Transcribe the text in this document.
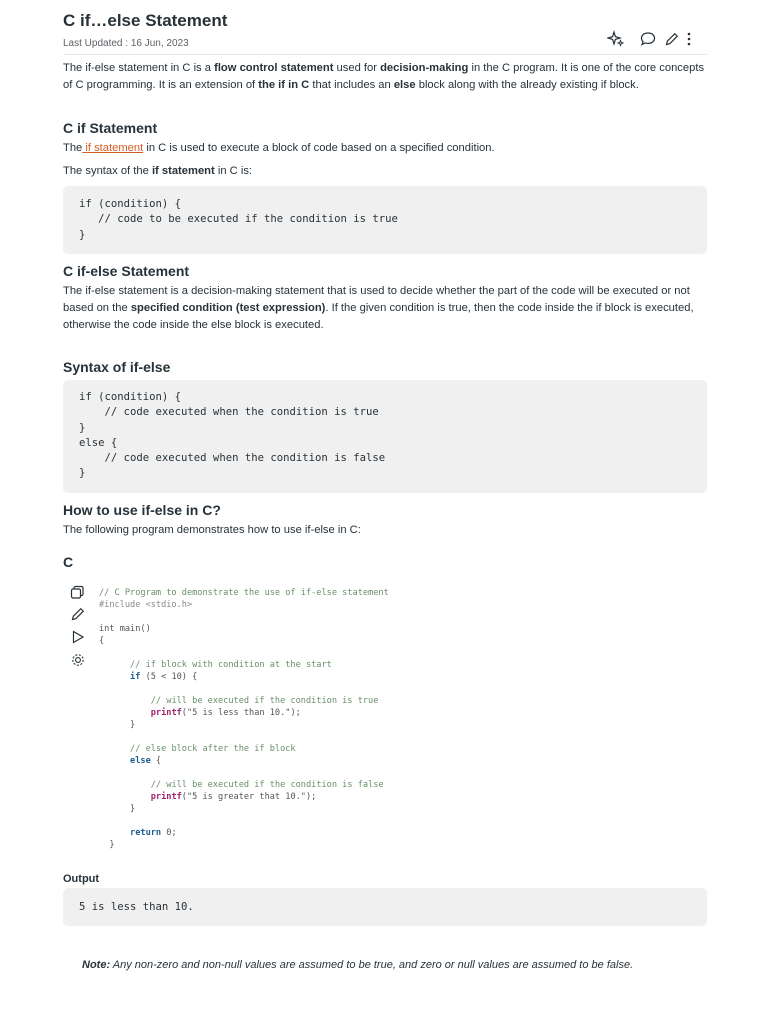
C if…else Statement
Last Updated : 16 Jun, 2023

The if-else statement in C is a flow control statement used for decision-making in the C program. It is one of the core concepts of C programming. It is an extension of the if in C that includes an else block along with the already existing if block.

C if Statement

The if statement in C is used to execute a block of code based on a specified condition.

The syntax of the if statement in C is:

if (condition) {
// code to be executed if the condition is true
}
C if-else Statement

The if-else statement is a decision-making statement that is used to decide whether the part of the code will be executed or not based on the specified condition (test expression). If the given condition is true, then the code inside the if block is executed, otherwise the code inside the else block is executed.

Syntax of if-else
if (condition) {
// code executed when the condition is true
}
else {
// code executed when the condition is false
}
How to use if-else in C?

The following program demonstrates how to use if-else in C:

C
// C Program to demonstrate the use of if-else statement
#include <stdio.h>

int main()
{

// if block with condition at the start
if (5 < 10) {

// will be executed if the condition is true
printf("5 is less than 10.");
}

// else block after the if block
else {

// will be executed if the condition is false
printf("5 is greater that 10.");
}

return 0;
}
Output
5 is less than 10.
Note: Any non-zero and non-null values are assumed to be true, and zero or null values are assumed to be false.
